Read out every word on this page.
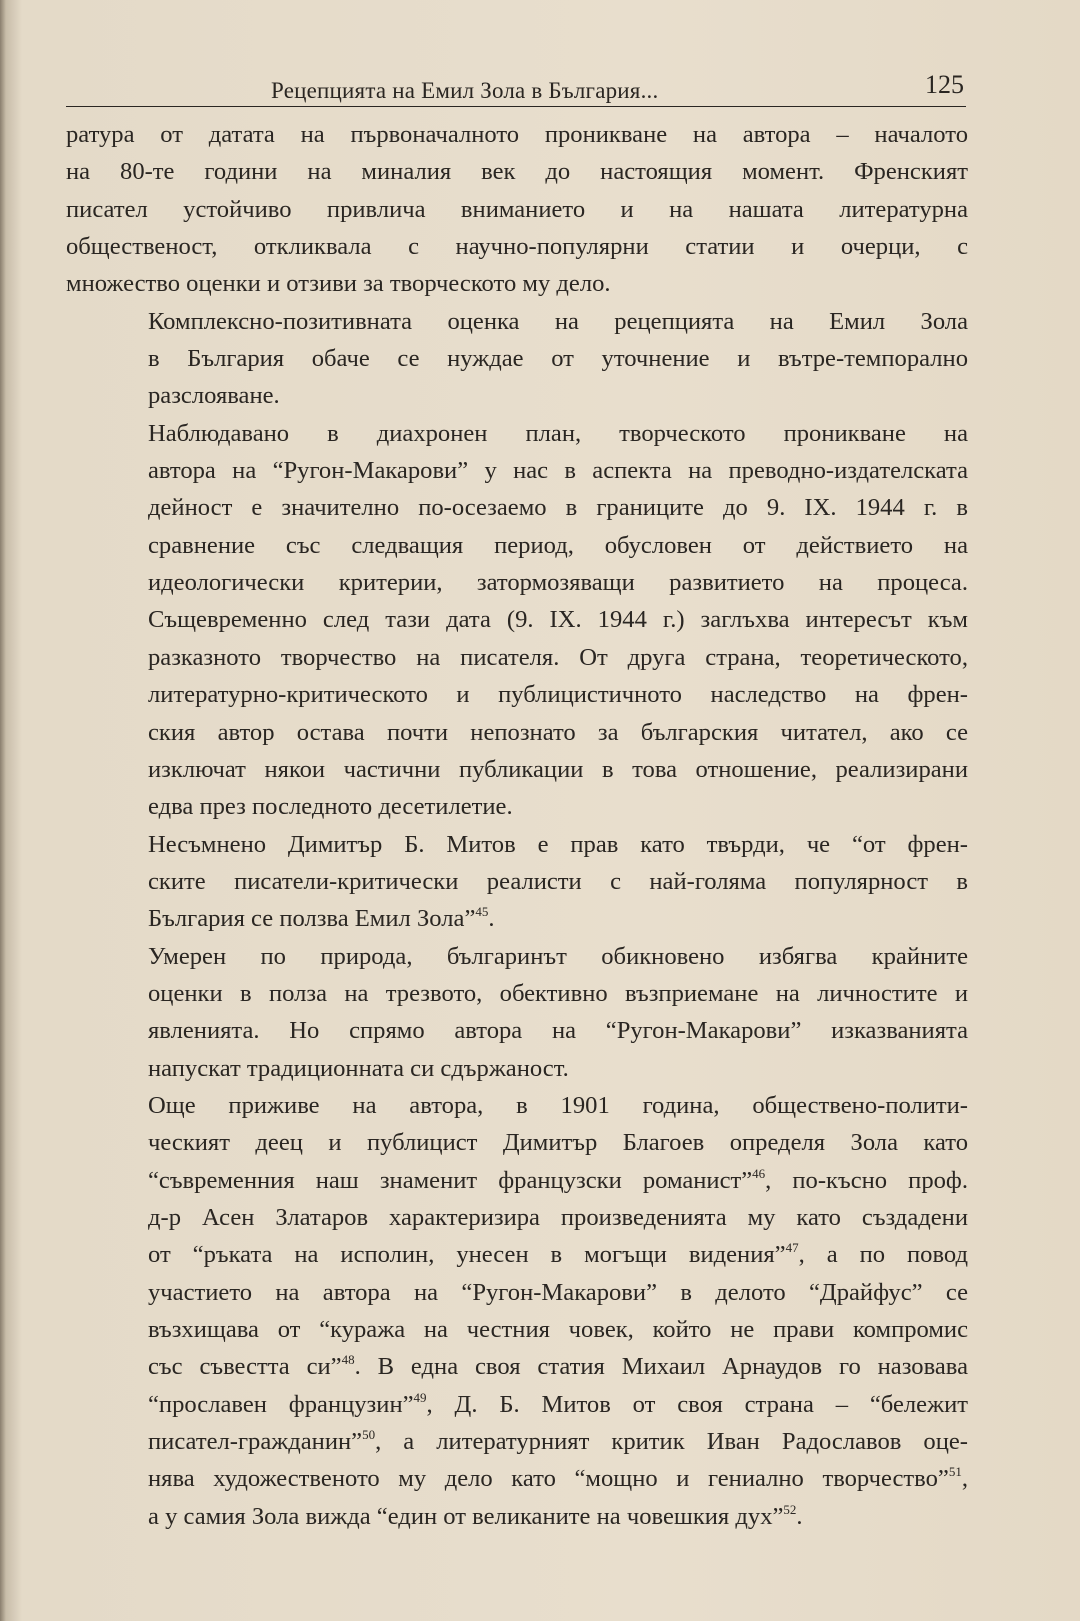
Рецепцията на Емил Зола в България...	125

ратура от датата на първоначалното проникване на автора – началото
на 80-те години на миналия век до настоящия момент. Френският
писател устойчиво привлича вниманието и на нашата литературна
общественост, откликвала с научно-популярни статии и очерци, с
множество оценки и отзиви за творческото му дело.

Комплексно-позитивната оценка на рецепцията на Емил Зола
в България обаче се нуждае от уточнение и вътре-темпорално
разслояване.

Наблюдавано в диахронен план, творческото проникване на
автора на “Ругон-Макарови” у нас в аспекта на преводно-издателската
дейност е значително по-осезаемо в границите до 9. IX. 1944 г. в
сравнение със следващия период, обусловен от действието на
идеологически критерии, затормозяващи развитието на процеса.
Същевременно след тази дата (9. IX. 1944 г.) заглъхва интересът към
разказното творчество на писателя. От друга страна, теоретическото,
литературно-критическото и публицистичното наследство на френ-
ския автор остава почти непознато за българския читател, ако се
изключат някои частични публикации в това отношение, реализирани
едва през последното десетилетие.

Несъмнено Димитър Б. Митов е прав като твърди, че “от френ-
ските писатели-критически реалисти с най-голяма популярност в
България се ползва Емил Зола”$^{45}$.

Умерен по природа, българинът обикновено избягва крайните
оценки в полза на трезвото, обективно възприемане на личностите и
явленията. Но спрямо автора на “Ругон-Макарови” изказванията
напускат традиционната си сдържаност.

Още приживе на автора, в 1901 година, обществено-полити-
ческият деец и публицист Димитър Благоев определя Зола като
“съвременния наш знаменит французски романист”$^{46}$, по-късно проф.
д-р Асен Златаров характеризира произведенията му като създадени
от “ръката на исполин, унесен в могъщи видения”$^{47}$, а по повод
участието на автора на “Ругон-Макарови” в делото “Драйфус” се
възхищава от “куража на честния човек, който не прави компромис
със съвестта си”$^{48}$. В една своя статия Михаил Арнаудов го назовава
“прославен французин”$^{49}$, Д. Б. Митов от своя страна – “бележит
писател-гражданин”$^{50}$, а литературният критик Иван Радославов оце-
нява художественото му дело като “мощно и гениално творчество”$^{51}$,
а у самия Зола вижда “един от великаните на човешкия дух”$^{52}$.
